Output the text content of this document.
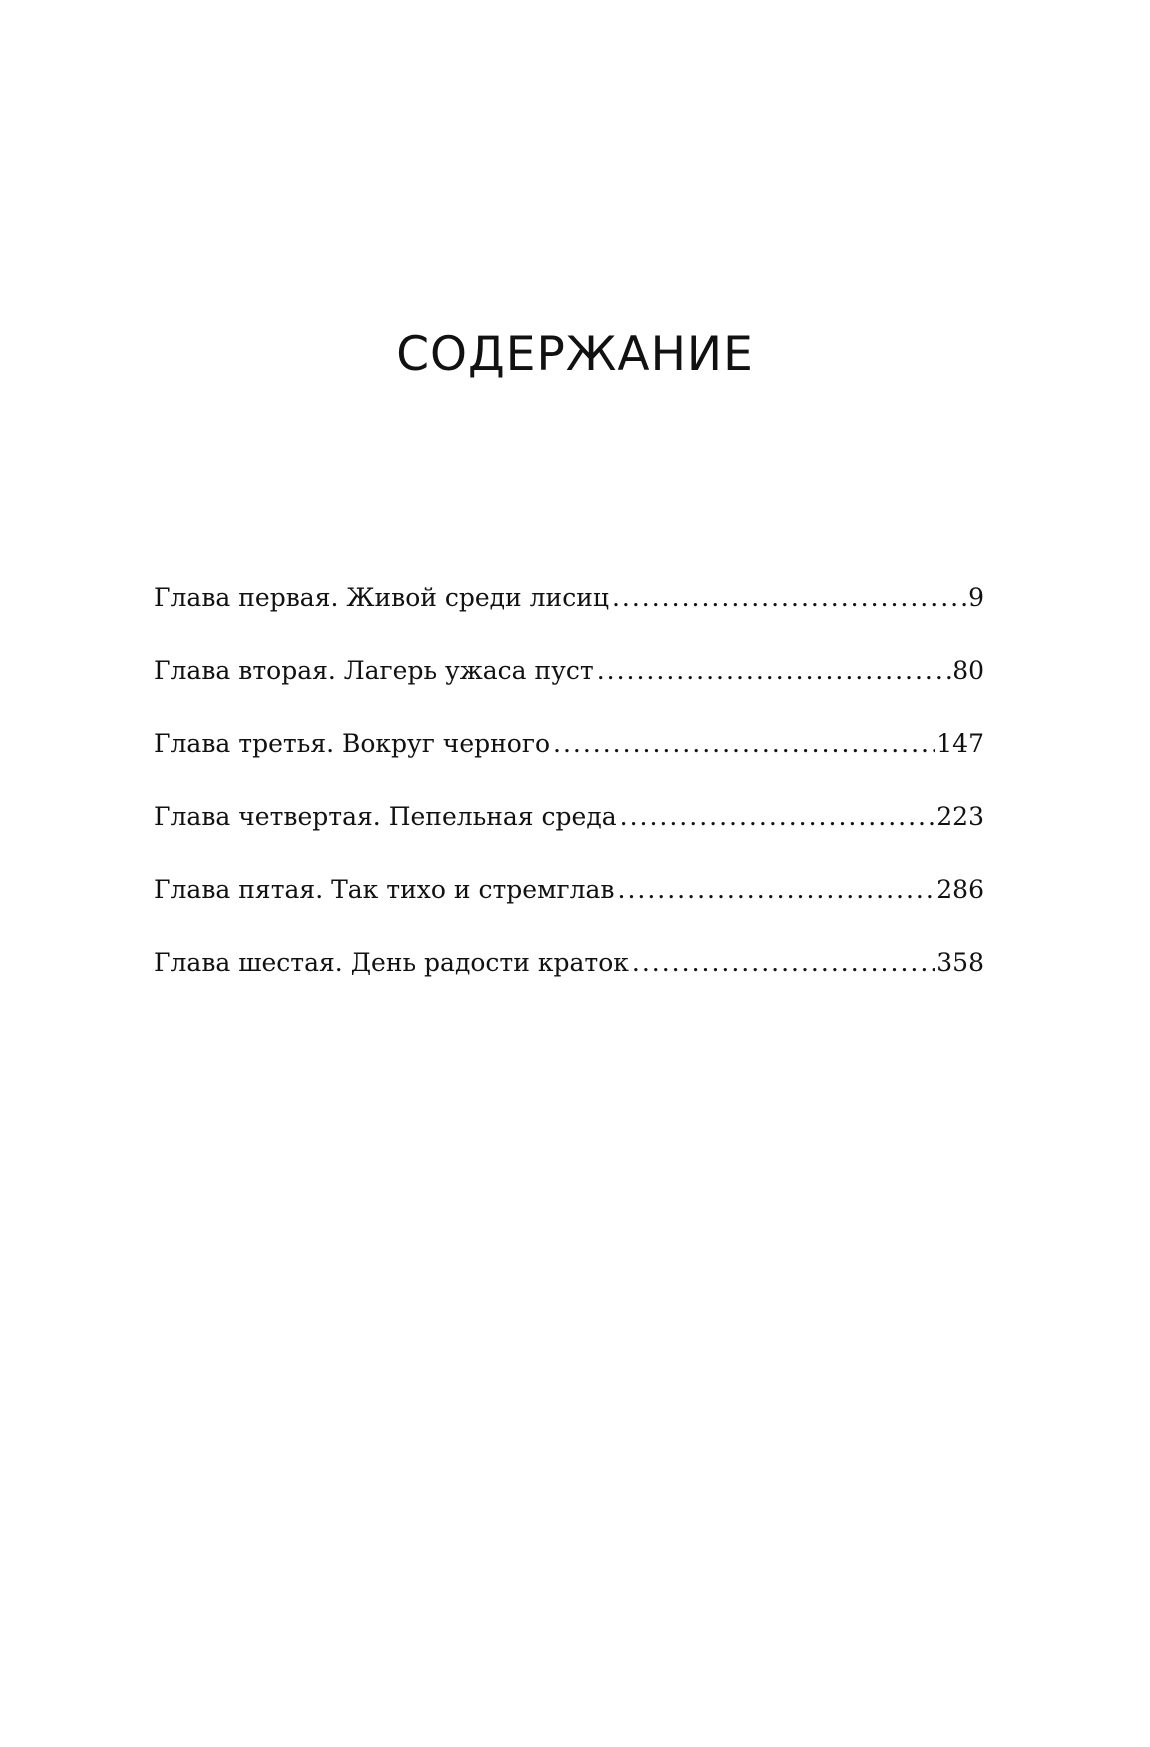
СОДЕРЖАНИЕ
Глава первая. Живой среди лисиц .....	9
Глава вторая. Лагерь ужаса пуст .....	80
Глава третья. Вокруг черного .....	147
Глава четвертая. Пепельная среда .....	223
Глава пятая. Так тихо и стремглав .....	286
Глава шестая. День радости краток .....	358
